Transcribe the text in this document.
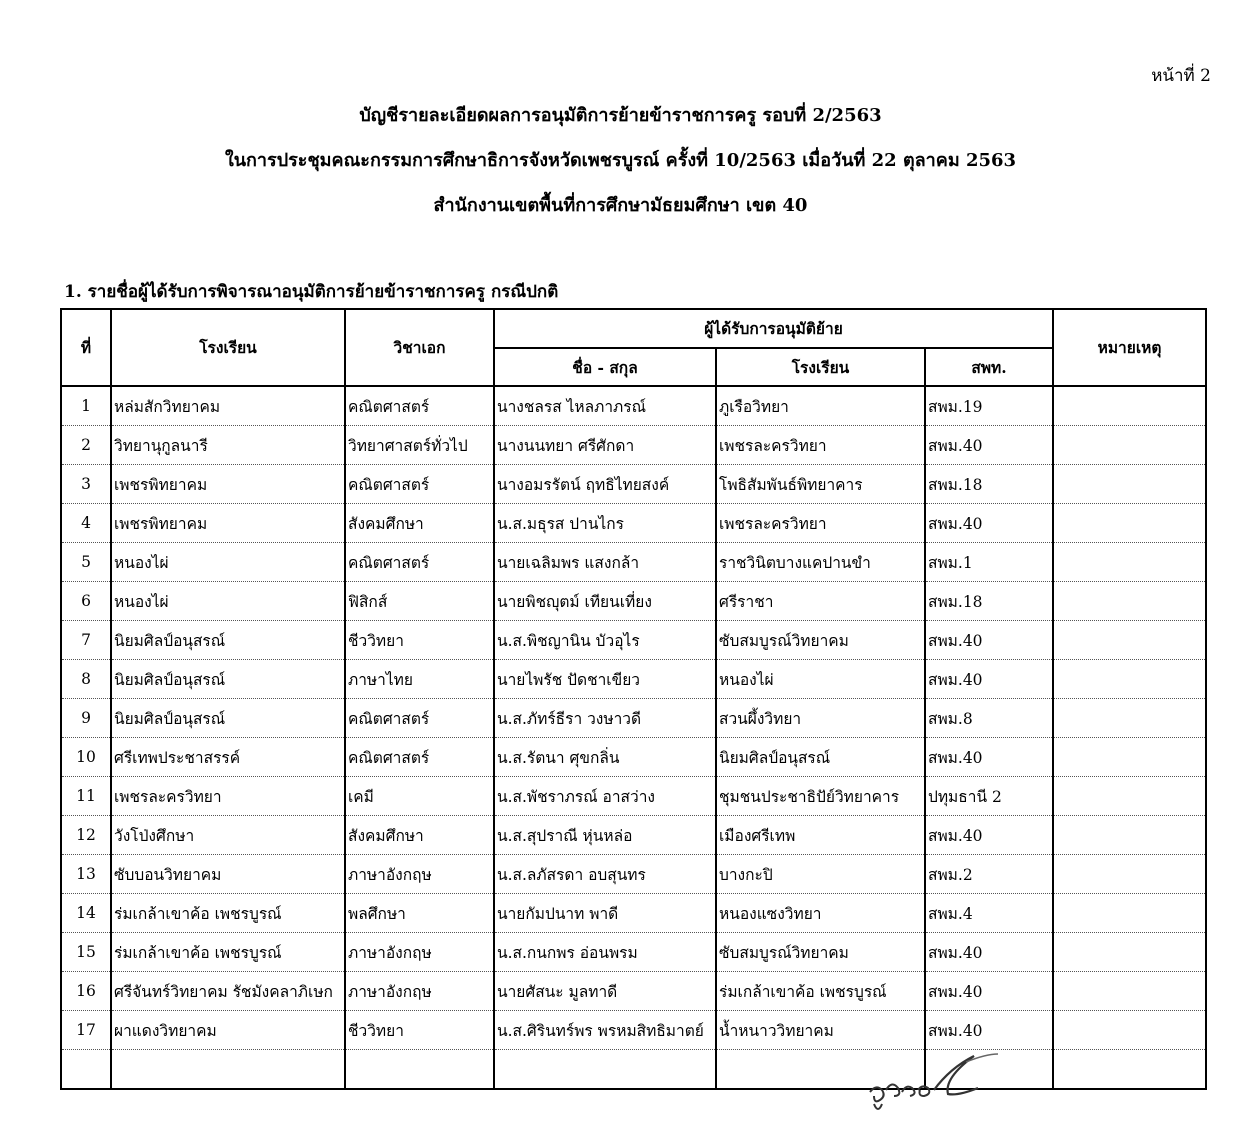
หน้าที่ 2
บัญชีรายละเอียดผลการอนุมัติการย้ายข้าราชการครู รอบที่ 2/2563
ในการประชุมคณะกรรมการศึกษาธิการจังหวัดเพชรบูรณ์ ครั้งที่ 10/2563 เมื่อวันที่ 22 ตุลาคม 2563
สำนักงานเขตพื้นที่การศึกษามัธยมศึกษา เขต 40
1. รายชื่อผู้ได้รับการพิจารณาอนุมัติการย้ายข้าราชการครู กรณีปกติ
ที่	โรงเรียน	วิชาเอก	ผู้ได้รับการอนุมัติย้าย			หมายเหตุ
			ชื่อ - สกุล	โรงเรียน	สพท.	
1	หล่มสักวิทยาคม	คณิตศาสตร์	นางชลรส ไหลภาภรณ์	ภูเรือวิทยา	สพม.19	
2	วิทยานุกูลนารี	วิทยาศาสตร์ทั่วไป	นางนนทยา ศรีศักดา	เพชรละครวิทยา	สพม.40	
3	เพชรพิทยาคม	คณิตศาสตร์	นางอมรรัตน์ ฤทธิไทยสงค์	โพธิสัมพันธ์พิทยาคาร	สพม.18	
4	เพชรพิทยาคม	สังคมศึกษา	น.ส.มธุรส ปานไกร	เพชรละครวิทยา	สพม.40	
5	หนองไผ่	คณิตศาสตร์	นายเฉลิมพร แสงกล้า	ราชวินิตบางแคปานขำ	สพม.1	
6	หนองไผ่	ฟิสิกส์	นายพิชญุตม์ เทียนเที่ยง	ศรีราชา	สพม.18	
7	นิยมศิลป์อนุสรณ์	ชีววิทยา	น.ส.พิชญานิน บัวอุไร	ซับสมบูรณ์วิทยาคม	สพม.40	
8	นิยมศิลป์อนุสรณ์	ภาษาไทย	นายไพรัช ปัดชาเขียว	หนองไผ่	สพม.40	
9	นิยมศิลป์อนุสรณ์	คณิตศาสตร์	น.ส.ภัทร์ธีรา วงษาวดี	สวนผึ้งวิทยา	สพม.8	
10	ศรีเทพประชาสรรค์	คณิตศาสตร์	น.ส.รัตนา ศุขกลิ่น	นิยมศิลป์อนุสรณ์	สพม.40	
11	เพชรละครวิทยา	เคมี	น.ส.พัชราภรณ์ อาสว่าง	ชุมชนประชาธิปัย์วิทยาคาร	ปทุมธานี 2	
12	วังโป่งศึกษา	สังคมศึกษา	น.ส.สุปราณี หุ่นหล่อ	เมืองศรีเทพ	สพม.40	
13	ซับบอนวิทยาคม	ภาษาอังกฤษ	น.ส.ลภัสรดา อบสุนทร	บางกะปิ	สพม.2	
14	ร่มเกล้าเขาค้อ เพชรบูรณ์	พลศึกษา	นายกัมปนาท พาดี	หนองแซงวิทยา	สพม.4	
15	ร่มเกล้าเขาค้อ เพชรบูรณ์	ภาษาอังกฤษ	น.ส.กนกพร อ่อนพรม	ซับสมบูรณ์วิทยาคม	สพม.40	
16	ศรีจันทร์วิทยาคม รัชมังคลาภิเษก	ภาษาอังกฤษ	นายศัสนะ มูลทาดี	ร่มเกล้าเขาค้อ เพชรบูรณ์	สพม.40	
17	ผาแดงวิทยาคม	ชีววิทยา	น.ส.ศิรินทร์พร พรหมสิทธิมาตย์	น้ำหนาววิทยาคม	สพม.40	
